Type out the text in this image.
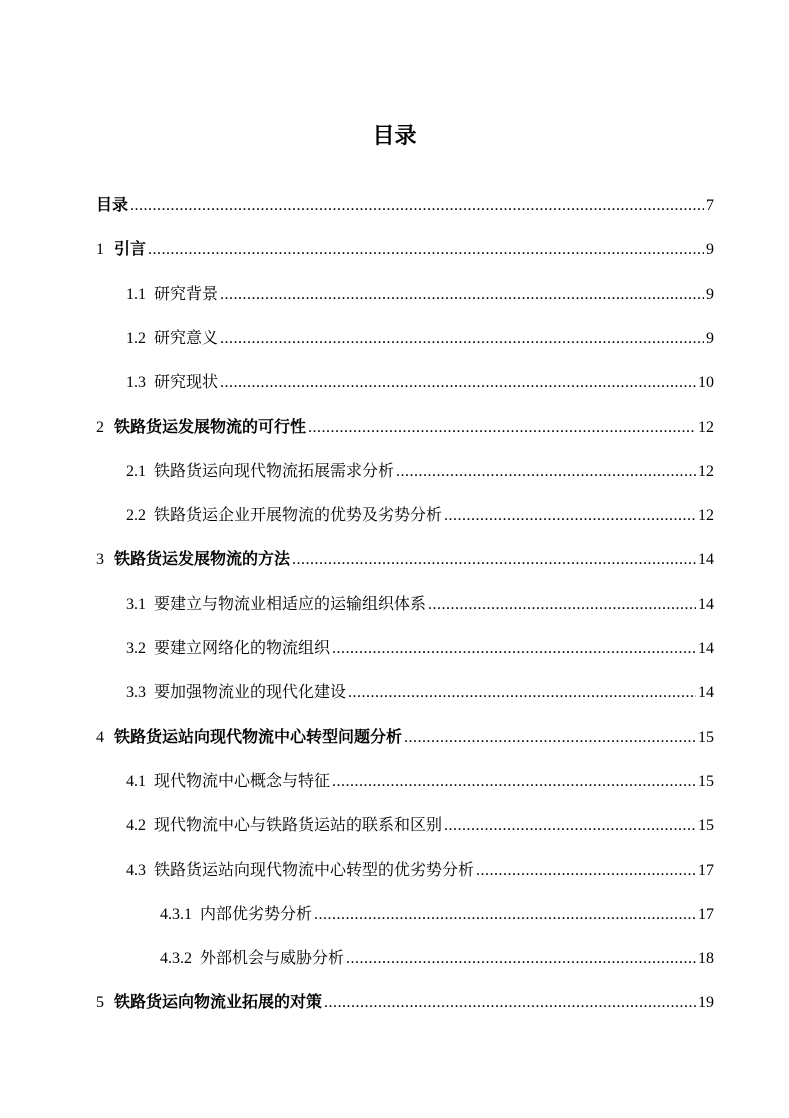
目录
目录 .....	7
1 引言 .....	9
1.1 研究背景 .....	9
1.2 研究意义 .....	9
1.3 研究现状 .....	10
2 铁路货运发展物流的可行性 .....	12
2.1 铁路货运向现代物流拓展需求分析 .....	12
2.2 铁路货运企业开展物流的优势及劣势分析 .....	12
3 铁路货运发展物流的方法 .....	14
3.1 要建立与物流业相适应的运输组织体系 .....	14
3.2 要建立网络化的物流组织 .....	14
3.3 要加强物流业的现代化建设 .....	14
4 铁路货运站向现代物流中心转型问题分析 .....	15
4.1 现代物流中心概念与特征 .....	15
4.2 现代物流中心与铁路货运站的联系和区别 .....	15
4.3 铁路货运站向现代物流中心转型的优劣势分析 .....	17
4.3.1 内部优劣势分析 .....	17
4.3.2 外部机会与威胁分析 .....	18
5 铁路货运向物流业拓展的对策 .....	19
